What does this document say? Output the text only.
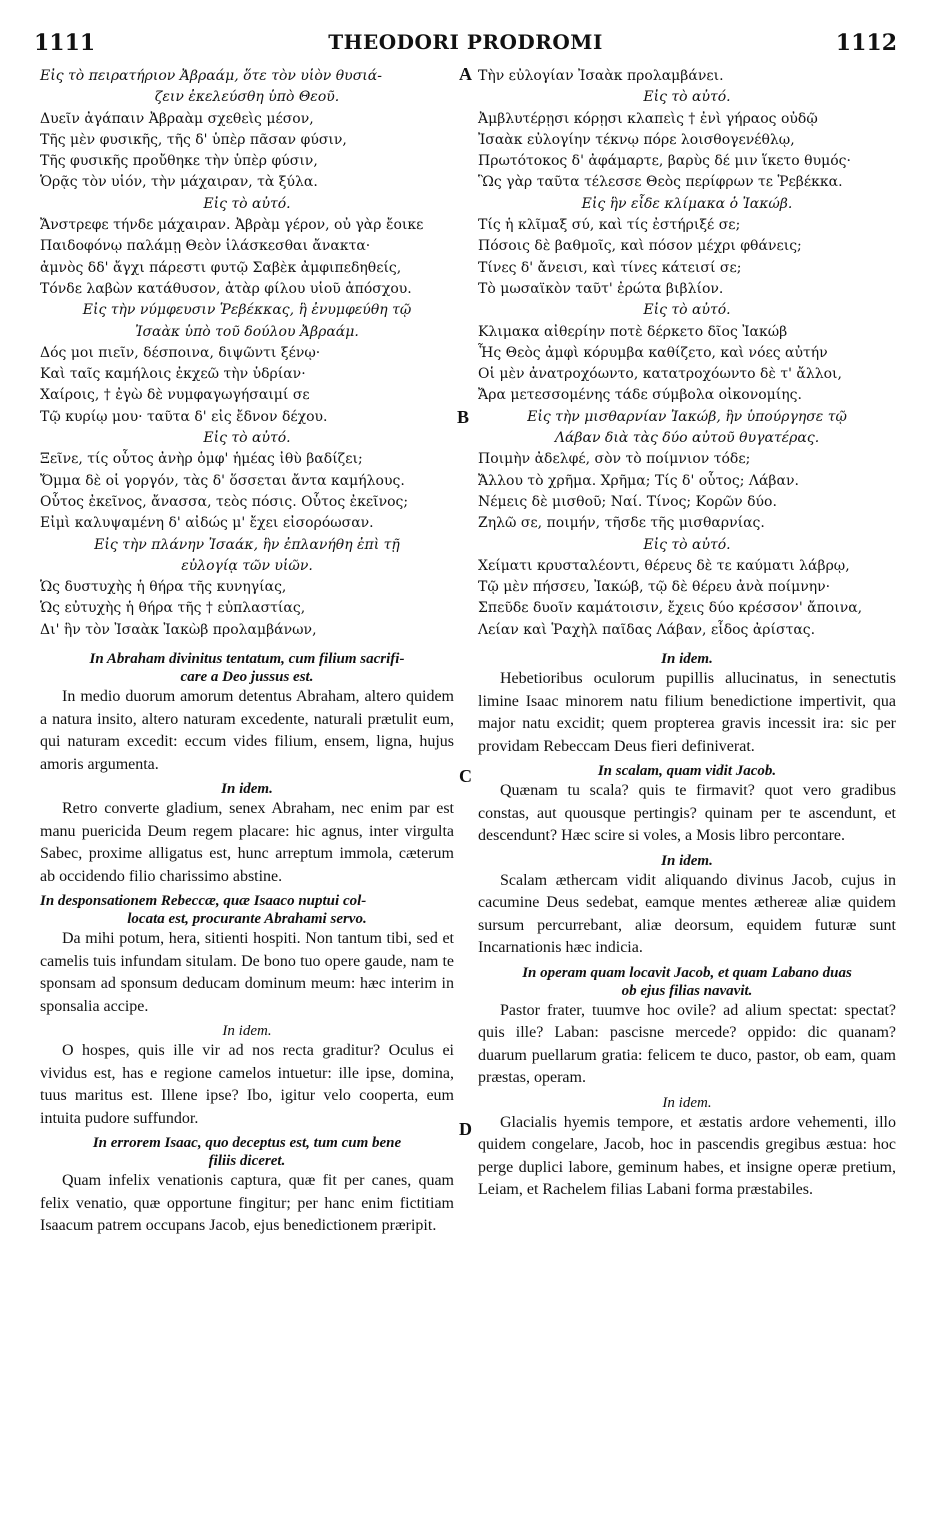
1111	THEODORI PRODROMI	1112
A
B
C
D
Εἰς τὸ πειρατήριον Ἀβραάμ, ὅτε τὸν υἱὸν θυσιά-
ζειν ἐκελεύσθη ὑπὸ Θεοῦ.
Δυεῖν ἀγάπαιν Ἀβραὰμ σχεθεὶς μέσον,
Τῆς μὲν φυσικῆς, τῆς δ' ὑπὲρ πᾶσαν φύσιν,
Τῆς φυσικῆς προὔθηκε τὴν ὑπὲρ φύσιν,
Ὁρᾷς τὸν υἱόν, τὴν μάχαιραν, τὰ ξύλα.
Εἰς τὸ αὐτό.
Ἄνστρεφε τήνδε μάχαιραν. Ἀβρὰμ γέρον, οὐ γὰρ ἔοικε
Παιδοφόνῳ παλάμῃ Θεὸν ἱλάσκεσθαι ἄνακτα·
ἀμνὸς δδ' ἄγχι πάρεστι φυτῷ Σαβὲκ ἀμφιπεδηθείς,
Τόνδε λαβὼν κατάθυσον, ἀτὰρ φίλου υἱοῦ ἀπόσχου.
Εἰς τὴν νύμφευσιν Ῥεβέκκας, ἣ ἐνυμφεύθη τῷ
Ἰσαὰκ ὑπὸ τοῦ δούλου Ἀβραάμ.
Δός μοι πιεῖν, δέσποινα, διψῶντι ξένῳ·
Καὶ ταῖς καμήλοις ἐκχεῶ τὴν ὑδρίαν·
Χαίροις, † ἐγὼ δὲ νυμφαγωγήσαιμί σε
Τῷ κυρίῳ μου· ταῦτα δ' εἰς ἔδνον δέχου.
Εἰς τὸ αὐτό.
Ξεῖνε, τίς οὗτος ἀνὴρ ὁμφ' ἡμέας ἰθὺ βαδίζει;
Ὄμμα δὲ οἱ γοργόν, τὰς δ' ὅσσεται ἄντα καμήλους.
Οὗτος ἐκεῖνος, ἄνασσα, τεὸς πόσις. Οὗτος ἐκεῖνος;
Εἰμὶ καλυψαμένη δ' αἰδώς μ' ἔχει εἰσορόωσαν.
Εἰς τὴν πλάνην Ἰσαάκ, ἣν ἐπλανήθη ἐπὶ τῇ
εὐλογίᾳ τῶν υἱῶν.
Ὡς δυστυχὴς ἡ θήρα τῆς κυνηγίας,
Ὡς εὐτυχὴς ἡ θήρα τῆς † εὐπλαστίας,
Δι' ἣν τὸν Ἰσαὰκ Ἰακὼβ προλαμβάνων,
In Abraham divinitus tentatum, cum filium sacrifi-
care a Deo jussus est.

In medio duorum amorum detentus Abraham, altero quidem a natura insito, altero naturam excedente, naturali prætulit eum, qui naturam excedit: eccum vides filium, ensem, ligna, hujus amoris argumenta.

In idem.

Retro converte gladium, senex Abraham, nec enim par est manu puericida Deum regem placare: hic agnus, inter virgulta Sabec, proxime alligatus est, hunc arreptum immola, cæterum ab occidendo filio charissimo abstine.

In desponsationem Rebeccæ, quæ Isaaco nuptui col-
locata est, procurante Abrahami servo.

Da mihi potum, hera, sitienti hospiti. Non tantum tibi, sed et camelis tuis infundam situlam. De bono tuo opere gaude, nam te sponsam ad sponsum deducam dominum meum: hæc interim in sponsalia accipe.

In idem.

O hospes, quis ille vir ad nos recta graditur? Oculus ei vividus est, has e regione camelos intuetur: ille ipse, domina, tuus maritus est. Illene ipse? Ibo, igitur velo cooperta, eum intuita pudore suffundor.

In errorem Isaac, quo deceptus est, tum cum bene
filiis diceret.

Quam infelix venationis captura, quæ fit per canes, quam felix venatio, quæ opportune fingitur; per hanc enim fictitiam Isaacum patrem occupans Jacob, ejus benedictionem præripit.

Τὴν εὐλογίαν Ἰσαὰκ προλαμβάνει.
Εἰς τὸ αὐτό.
Ἀμβλυτέρῃσι κόρῃσι κλαπεὶς † ἐνὶ γήραος οὐδῷ
Ἰσαὰκ εὐλογίην τέκνῳ πόρε λοισθογενέθλῳ,
Πρωτότοκος δ' ἀφάμαρτε, βαρὺς δέ μιν ἵκετο θυμός·
Ὣς γὰρ ταῦτα τέλεσσε Θεὸς περίφρων τε Ῥεβέκκα.
Εἰς ἣν εἶδε κλίμακα ὁ Ἰακώβ.
Τίς ἡ κλῖμαξ σύ, καὶ τίς ἐστήριξέ σε;
Πόσοις δὲ βαθμοῖς, καὶ πόσον μέχρι φθάνεις;
Τίνες δ' ἄνεισι, καὶ τίνες κάτεισί σε;
Τὸ μωσαϊκὸν ταῦτ' ἐρώτα βιβλίον.
Εἰς τὸ αὐτό.
Κλιμακα αἰθερίην ποτὲ δέρκετο δῖος Ἰακώβ
Ἧς Θεὸς ἀμφὶ κόρυμβα καθίζετο, καὶ νόες αὐτήν
Οἱ μὲν ἀνατροχόωντο, κατατροχόωντο δὲ τ' ἄλλοι,
Ἄρα μετεσσομένης τάδε σύμβολα οἰκονομίης.
Εἰς τὴν μισθαρνίαν Ἰακώβ, ἣν ὑπούργησε τῷ
Λάβαν διὰ τὰς δύο αὐτοῦ θυγατέρας.
Ποιμὴν ἀδελφέ, σὸν τὸ ποίμνιον τόδε;
Ἄλλου τὸ χρῆμα. Χρῆμα; Τίς δ' οὗτος; Λάβαν.
Νέμεις δὲ μισθοῦ; Ναί. Τίνος; Κορῶν δύο.
Ζηλῶ σε, ποιμήν, τῆσδε τῆς μισθαρνίας.
Εἰς τὸ αὐτό.
Χείματι κρυσταλέοντι, θέρευς δὲ τε καύματι λάβρῳ,
Τῷ μὲν πήσσευ, Ἰακώβ, τῷ δὲ θέρευ ἀνὰ ποίμνην·
Σπεῦδε δυοῖν καμάτοισιν, ἔχεις δύο κρέσσον' ἄποινα,
Λείαν καὶ Ῥαχὴλ παῖδας Λάβαν, εἶδος ἀρίστας.
In idem.

Hebetioribus oculorum pupillis allucinatus, in senectutis limine Isaac minorem natu filium benedictione impertivit, qua major natu excidit; quem propterea gravis incessit ira: sic per providam Rebeccam Deus fieri definiverat.

In scalam, quam vidit Jacob.

Quænam tu scala? quis te firmavit? quot vero gradibus constas, aut quousque pertingis? quinam per te ascendunt, et descendunt? Hæc scire si voles, a Mosis libro percontare.

In idem.

Scalam æthercam vidit aliquando divinus Jacob, cujus in cacumine Deus sedebat, eamque mentes æthereæ aliæ quidem sursum percurrebant, aliæ deorsum, equidem futuræ sunt Incarnationis hæc indicia.

In operam quam locavit Jacob, et quam Labano duas
ob ejus filias navavit.

Pastor frater, tuumve hoc ovile? ad alium spectat: spectat? quis ille? Laban: pascisne mercede? oppido: dic quanam? duarum puellarum gratia: felicem te duco, pastor, ob eam, quam præstas, operam.

In idem.

Glacialis hyemis tempore, et æstatis ardore vehementi, illo quidem congelare, Jacob, hoc in pascendis gregibus æstua: hoc perge duplici labore, geminum habes, et insigne operæ pretium, Leiam, et Rachelem filias Labani forma præstabiles.
